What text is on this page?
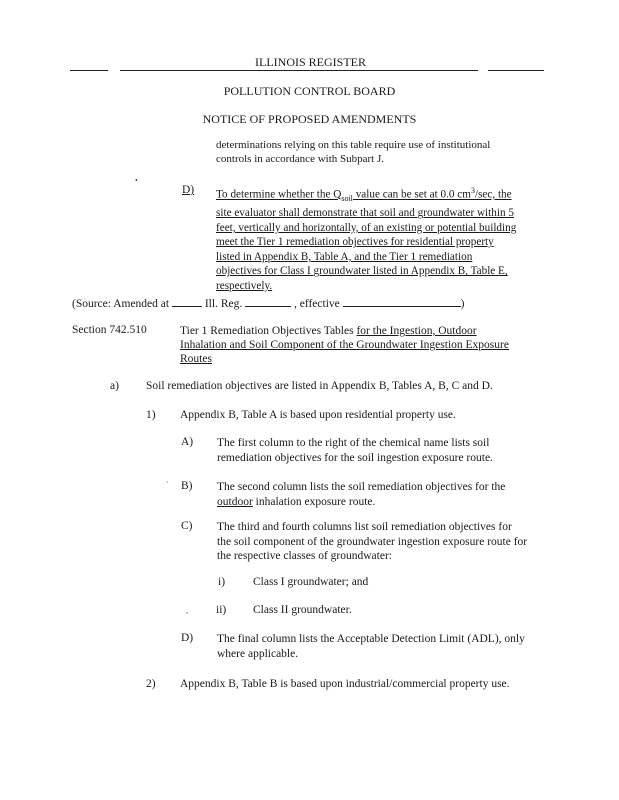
ILLINOIS REGISTER
POLLUTION CONTROL BOARD
NOTICE OF PROPOSED AMENDMENTS
determinations relying on this table require use of institutional
controls in accordance with Subpart J.
•
D) To determine whether the $Q_{soil}$ value can be set at 0.0 $cm^3/\sec$, the
site evaluator shall demonstrate that soil and groundwater within 5
feet, vertically and horizontally, of an existing or potential building
meet the Tier 1 remediation objectives for residential property
listed in Appendix B, Table A, and the Tier 1 remediation
objectives for Class I groundwater listed in Appendix B, Table E,
respectively.
(Source: Amended at	Ill. Reg.	, effective	)
Section 742.510	Tier 1 Remediation Objectives Tables for the Ingestion, Outdoor
Inhalation and Soil Component of the Groundwater Ingestion Exposure
Routes
a) Soil remediation objectives are listed in Appendix B, Tables A, B, C and D.
1) Appendix B, Table A is based upon residential property use.
A) The first column to the right of the chemical name lists soil
remediation objectives for the soil ingestion exposure route.
· B) The second column lists the soil remediation objectives for the
outdoor inhalation exposure route.
C) The third and fourth columns list soil remediation objectives for
the soil component of the groundwater ingestion exposure route for
the respective classes of groundwater:
i) Class I groundwater; and
, ii) Class II groundwater.
D) The final column lists the Acceptable Detection Limit (ADL), only
where applicable.
2) Appendix B, Table B is based upon industrial/commercial property use.
